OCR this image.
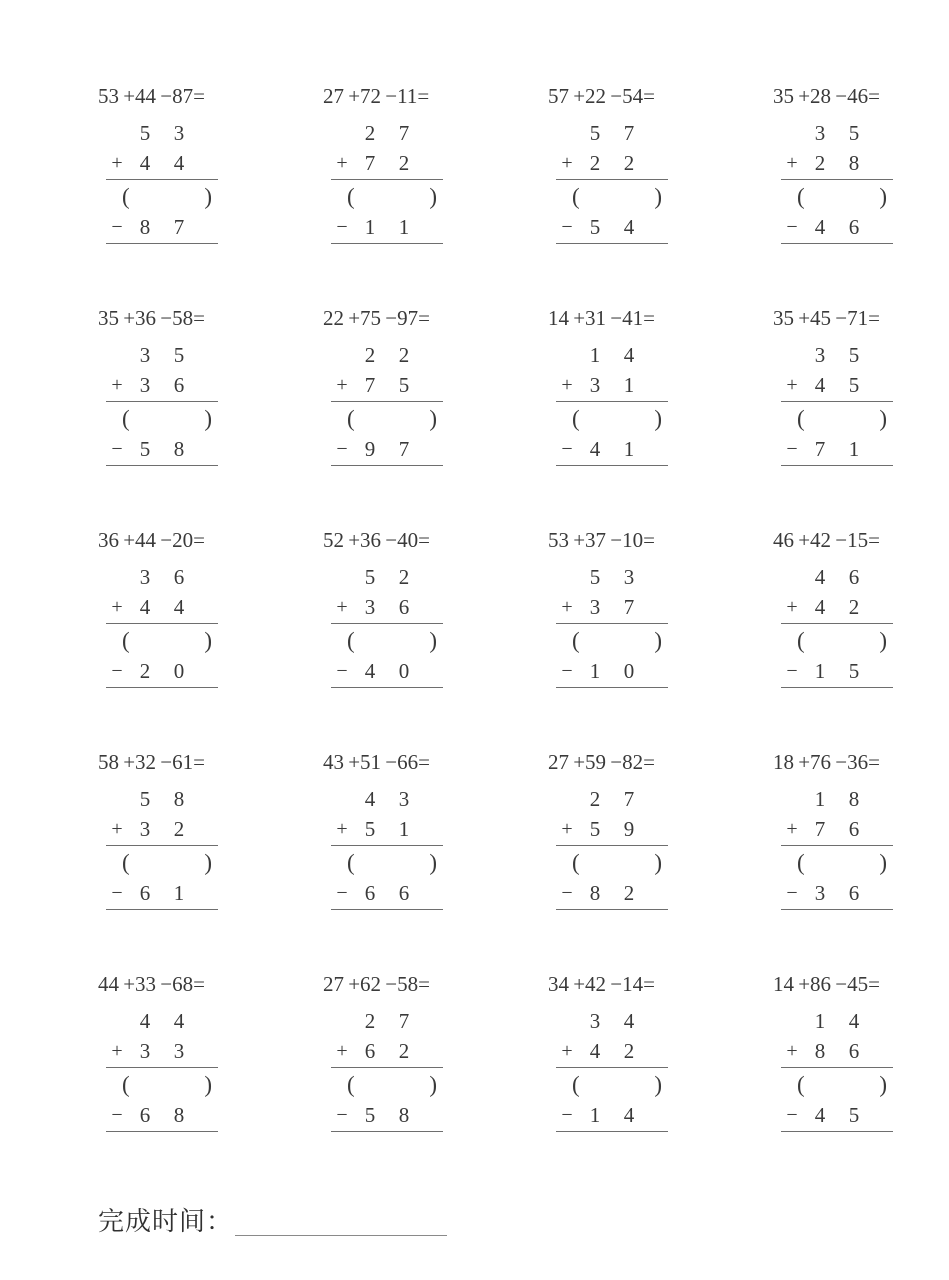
53 +44 −87=
5	3
+ 4	4
(	)
− 8	7
27 +72 −11=
2	7
+ 7	2
(	)
− 1	1
57 +22 −54=
5	7
+ 2	2
(	)
− 5	4
35 +28 −46=
3	5
+ 2	8
(	)
− 4	6
35 +36 −58=
3	5
+ 3	6
(	)
− 5	8
22 +75 −97=
2	2
+ 7	5
(	)
− 9	7
14 +31 −41=
1	4
+ 3	1
(	)
− 4	1
35 +45 −71=
3	5
+ 4	5
(	)
− 7	1
36 +44 −20=
3	6
+ 4	4
(	)
− 2	0
52 +36 −40=
5	2
+ 3	6
(	)
− 4	0
53 +37 −10=
5	3
+ 3	7
(	)
− 1	0
46 +42 −15=
4	6
+ 4	2
(	)
− 1	5
58 +32 −61=
5	8
+ 3	2
(	)
− 6	1
43 +51 −66=
4	3
+ 5	1
(	)
− 6	6
27 +59 −82=
2	7
+ 5	9
(	)
− 8	2
18 +76 −36=
1	8
+ 7	6
(	)
− 3	6
44 +33 −68=
4	4
+ 3	3
(	)
− 6	8
27 +62 −58=
2	7
+ 6	2
(	)
− 5	8
34 +42 −14=
3	4
+ 4	2
(	)
− 1	4
14 +86 −45=
1	4
+ 8	6
(	)
− 4	5
完成时间：
